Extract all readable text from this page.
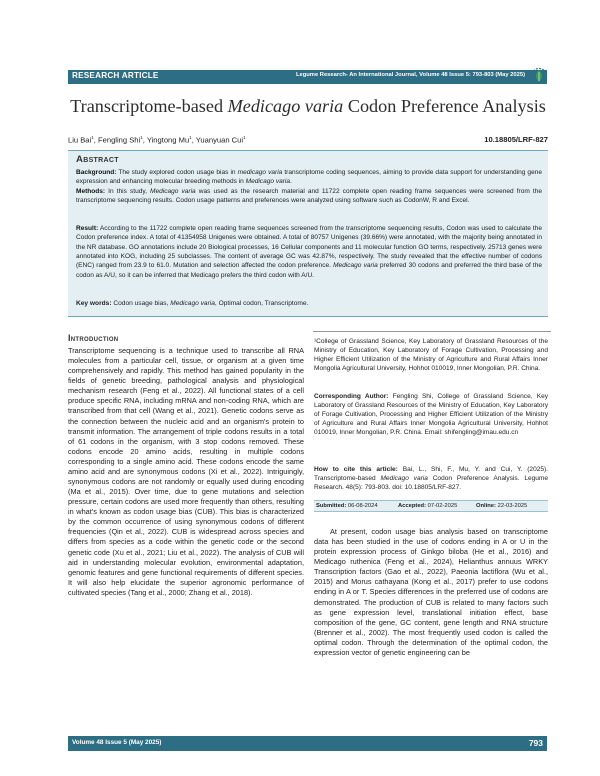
RESEARCH ARTICLE	Legume Research- An International Journal, Volume 48 Issue 5: 793-803 (May 2025)
Transcriptome-based Medicago varia Codon Preference Analysis
Liu Bai$^1$, Fengling Shi$^1$, Yingtong Mu$^1$, Yuanyuan Cui$^1$	10.18805/LRF-827
Abstract
Background: The study explored codon usage bias in medicago varia transcriptome coding sequences, aiming to provide data support for understanding gene expression and enhancing molecular breeding methods in Medicago varia.
Methods: In this study, Medicago varia was used as the research material and 11722 complete open reading frame sequences were screened from the transcriptome sequencing results. Codon usage patterns and preferences were analyzed using software such as CodonW, R and Excel.
Result: According to the 11722 complete open reading frame sequences screened from the transcriptome sequencing results, Codon was used to calculate the Codon preference index. A total of 41354958 Unigenes were obtained. A total of 80757 Unigenes (39.66%) were annotated, with the majority being annotated in the NR database. GO annotations include 20 Biological processes, 16 Cellular components and 11 molecular function GO terms, respectively. 25713 genes were annotated into KOG, including 25 subclasses. The content of average GC was 42.87%, respectively. The study revealed that the effective number of codons (ENC) ranged from 23.9 to 61.0. Mutation and selection affected the codon preference. Medicago varia preferred 30 codons and preferred the third base of the codon as A/U, so it can be inferred that Medicago prefers the third codon with A/U.
Key words: Codon usage bias, Medicago varia, Optimal codon, Transcriptome.
Introduction
Transcriptome sequencing is a technique used to transcribe all RNA molecules from a particular cell, tissue, or organism at a given time comprehensively and rapidly. This method has gained popularity in the fields of genetic breeding, pathological analysis and physiological mechanism research (Feng et al., 2022). All functional states of a cell produce specific RNA, including mRNA and non-coding RNA, which are transcribed from that cell (Wang et al., 2021). Genetic codons serve as the connection between the nucleic acid and an organism's protein to transmit information. The arrangement of triple codons results in a total of 61 codons in the organism, with 3 stop codons removed. These codons encode 20 amino acids, resulting in multiple codons corresponding to a single amino acid. These codons encode the same amino acid and are synonymous codons (Xi et al., 2022). Intriguingly, synonymous codons are not randomly or equally used during encoding (Ma et al., 2015). Over time, due to gene mutations and selection pressure, certain codons are used more frequently than others, resulting in what's known as codon usage bias (CUB). This bias is characterized by the common occurrence of using synonymous codons of different frequencies (Qin et al., 2022). CUB is widespread across species and differs from species as a code within the genetic code or the second genetic code (Xu et al., 2021; Liu et al., 2022). The analysis of CUB will aid in understanding molecular evolution, environmental adaptation, genomic features and gene functional requirements of different species. It will also help elucidate the superior agronomic performance of cultivated species (Tang et al., 2000; Zhang et al., 2018).
¹College of Grassland Science, Key Laboratory of Grassland Resources of the Ministry of Education, Key Laboratory of Forage Cultivation, Processing and Higher Efficient Utilization of the Ministry of Agriculture and Rural Affairs Inner Mongolia Agricultural University, Hohhot 010019, Inner Mongolian, P.R. China.
Corresponding Author: Fengling Shi, College of Grassland Science, Key Laboratory of Grassland Resources of the Ministry of Education, Key Laboratory of Forage Cultivation, Processing and Higher Efficient Utilization of the Ministry of Agriculture and Rural Affairs Inner Mongolia Agricultural University, Hohhot 010019, Inner Mongolian, P.R. China. Email: shifengling@imau.edu.cn
How to cite this article: Bai, L., Shi, F., Mu, Y. and Cui, Y. (2025). Transcriptome-based Medicago varia Codon Preference Analysis. Legume Research. 48(5): 793-803. doi: 10.18805/LRF-827.
Submitted: 06-08-2024	Accepted: 07-02-2025	Online: 22-03-2025
At present, codon usage bias analysis based on transcriptome data has been studied in the use of codons ending in A or U in the protein expression process of Ginkgo biloba (He et al., 2016) and Medicago ruthenica (Feng et al., 2024), Helianthus annuus WRKY Transcription factors (Gao et al., 2022), Paeonia lactiflora (Wu et al., 2015) and Morus cathayana (Kong et al., 2017) prefer to use codons ending in A or T. Species differences in the preferred use of codons are demonstrated. The production of CUB is related to many factors such as gene expression level, translational initiation effect, base composition of the gene, GC content, gene length and RNA structure (Brenner et al., 2002). The most frequently used codon is called the optimal codon. Through the determination of the optimal codon, the expression vector of genetic engineering can be
Volume 48 Issue 5 (May 2025)	793
